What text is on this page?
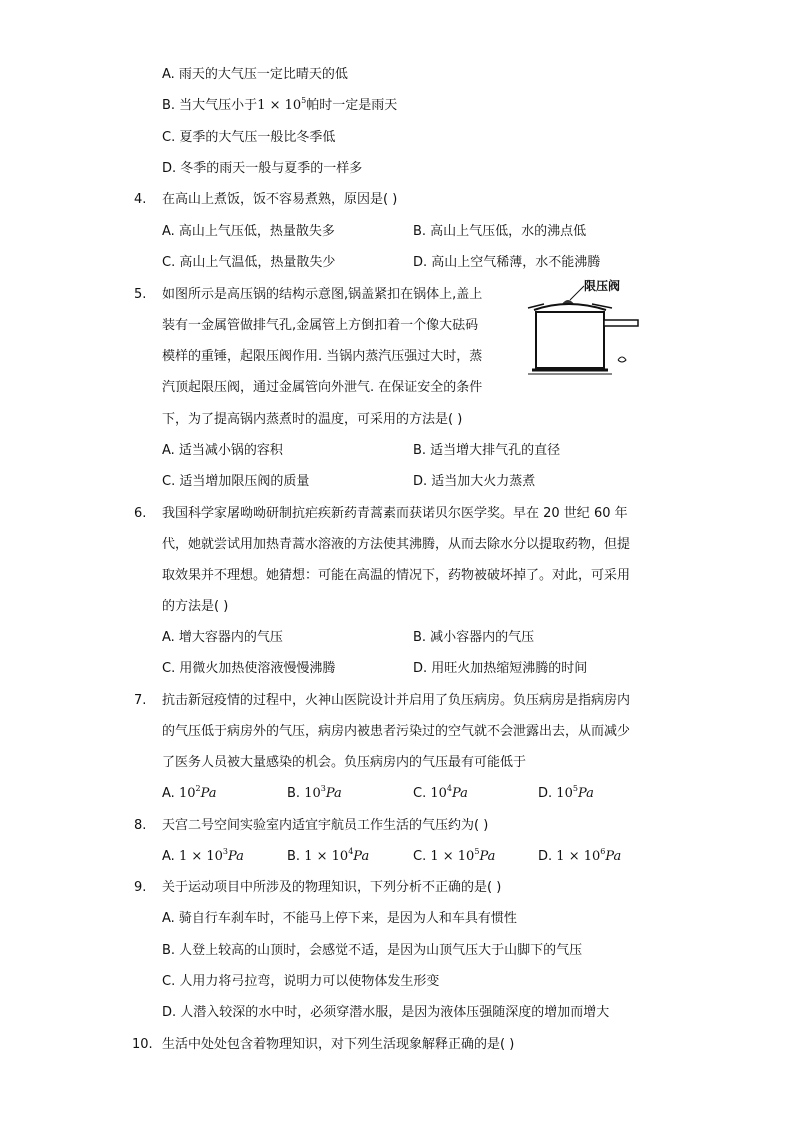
A. 雨天的大气压一定比晴天的低
B. 当大气压小于$1 \times 10^5$帕时一定是雨天
C. 夏季的大气压一般比冬季低
D. 冬季的雨天一般与夏季的一样多
4.	在高山上煮饭，饭不容易煮熟，原因是( )
A. 高山上气压低，热量散失多	B. 高山上气压低，水的沸点低
C. 高山上气温低，热量散失少	D. 高山上空气稀薄，水不能沸腾
5.	如图所示是高压锅的结构示意图,锅盖紧扣在锅体上,盖上
装有一金属管做排气孔,金属管上方倒扣着一个像大砝码
模样的重锤，起限压阀作用. 当锅内蒸汽压强过大时，蒸
汽顶起限压阀，通过金属管向外泄气. 在保证安全的条件
下，为了提高锅内蒸煮时的温度，可采用的方法是( )
限压阀
A. 适当减小锅的容积	B. 适当增大排气孔的直径
C. 适当增加限压阀的质量	D. 适当加大火力蒸煮
6.	我国科学家屠呦呦研制抗疟疾新药青蒿素而获诺贝尔医学奖。早在 20 世纪 60 年
代，她就尝试用加热青蒿水溶液的方法使其沸腾，从而去除水分以提取药物，但提
取效果并不理想。她猜想：可能在高温的情况下，药物被破坏掉了。对此，可采用
的方法是( )
A. 增大容器内的气压	B. 减小容器内的气压
C. 用微火加热使溶液慢慢沸腾	D. 用旺火加热缩短沸腾的时间
7.	抗击新冠疫情的过程中，火神山医院设计并启用了负压病房。负压病房是指病房内
的气压低于病房外的气压，病房内被患者污染过的空气就不会泄露出去，从而减少
了医务人员被大量感染的机会。负压病房内的气压最有可能低于
A. $10^2Pa$	B. $10^3Pa$	C. $10^4Pa$	D. $10^5Pa$
8.	天宫二号空间实验室内适宜宇航员工作生活的气压约为( )
A. $1 \times 10^3Pa$	B. $1 \times 10^4Pa$	C. $1 \times 10^5Pa$	D. $1 \times 10^6Pa$
9.	关于运动项目中所涉及的物理知识，下列分析不正确的是( )
A. 骑自行车刹车时，不能马上停下来，是因为人和车具有惯性
B. 人登上较高的山顶时，会感觉不适，是因为山顶气压大于山脚下的气压
C. 人用力将弓拉弯，说明力可以使物体发生形变
D. 人潜入较深的水中时，必须穿潜水服，是因为液体压强随深度的增加而增大
10. 生活中处处包含着物理知识，对下列生活现象解释正确的是( )
